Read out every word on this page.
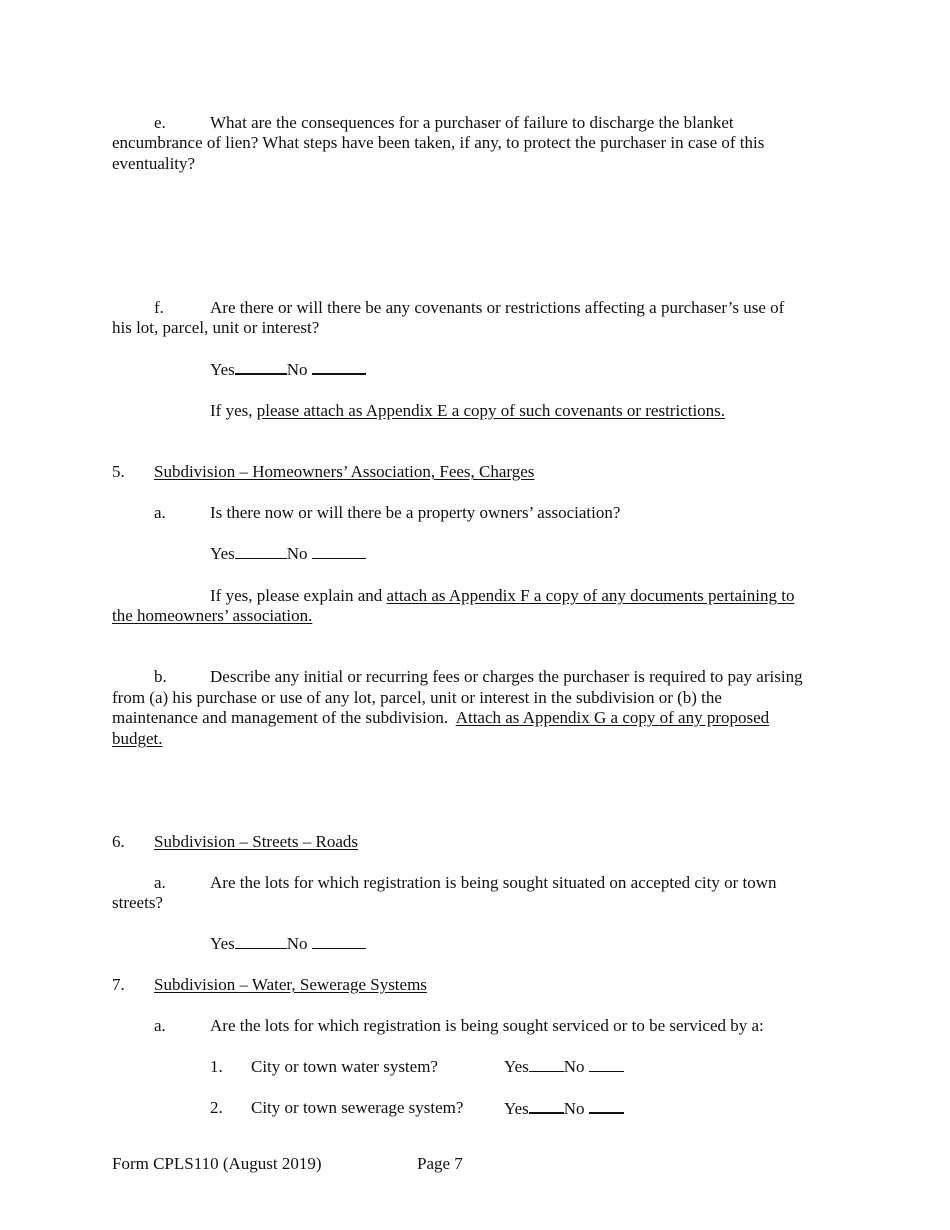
e.	What are the consequences for a purchaser of failure to discharge the blanket
encumbrance of lien? What steps have been taken, if any, to protect the purchaser in case of this
eventuality?
f.	Are there or will there be any covenants or restrictions affecting a purchaser’s use of
his lot, parcel, unit or interest?
Yes	No
If yes, please attach as Appendix E a copy of such covenants or restrictions.
5. Subdivision – Homeowners’ Association, Fees, Charges
a.	Is there now or will there be a property owners’ association?
Yes	No
If yes, please explain and attach as Appendix F a copy of any documents pertaining to
the homeowners’ association.
b.	Describe any initial or recurring fees or charges the purchaser is required to pay arising
from (a) his purchase or use of any lot, parcel, unit or interest in the subdivision or (b) the
maintenance and management of the subdivision.  Attach as Appendix G a copy of any proposed
budget.
6. Subdivision – Streets – Roads
a.	Are the lots for which registration is being sought situated on accepted city or town
streets?
Yes	No
7. Subdivision – Water, Sewerage Systems
a.	Are the lots for which registration is being sought serviced or to be serviced by a:
1. City or town water system?	Yes No
2. City or town sewerage system? Yes No
Form CPLS110 (August 2019)	Page 7
